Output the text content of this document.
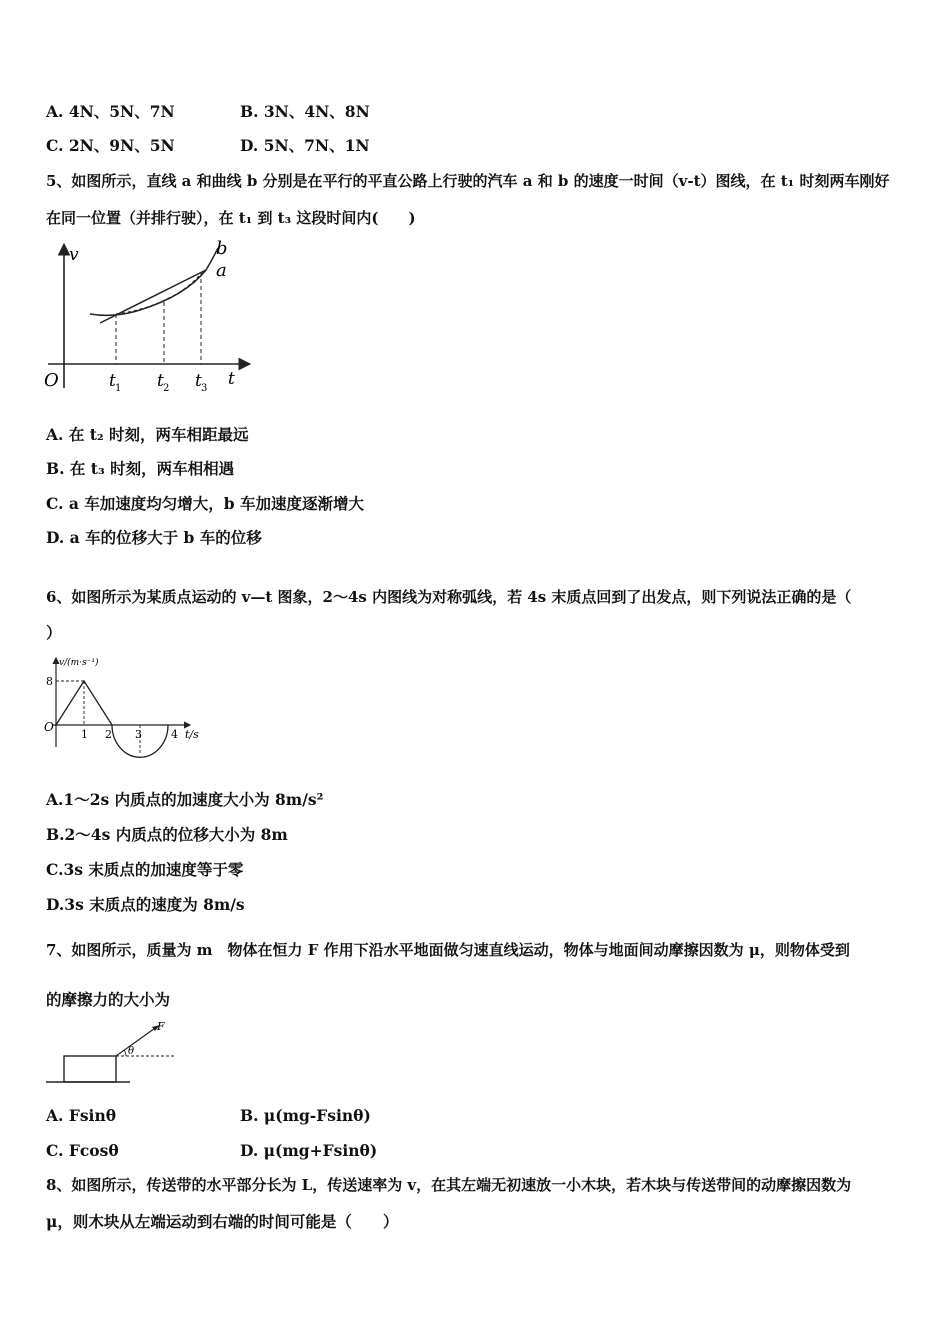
A. 4N、5N、7N	B. 3N、4N、8N
C. 2N、9N、5N	D. 5N、7N、1N
5、如图所示，直线 a 和曲线 b 分别是在平行的平直公路上行驶的汽车 a 和 b 的速度一时间（v-t）图线，在 t₁ 时刻两车刚好
在同一位置（并排行驶），在 t₁ 到 t₃ 这段时间内(　　)
v
t
O
b
a
t 1 t 2 t 3
A. 在 t₂ 时刻，两车相距最远
B. 在 t₃ 时刻，两车相相遇
C. a 车加速度均匀增大，b 车加速度逐渐增大
D. a 车的位移大于 b 车的位移
6、如图所示为某质点运动的 v—t 图象，2～4s 内图线为对称弧线，若 4s 末质点回到了出发点，则下列说法正确的是（
）
v/(m·s⁻¹)
t/s
O
8
1 2 3	4
A.1～2s 内质点的加速度大小为 8m/s²
B.2～4s 内质点的位移大小为 8m
C.3s 末质点的加速度等于零
D.3s 末质点的速度为 8m/s
7、如图所示，质量为 m　物体在恒力 F 作用下沿水平地面做匀速直线运动，物体与地面间动摩擦因数为 μ，则物体受到
的摩擦力的大小为
F
θ
A. Fsinθ	B. μ(mg-Fsinθ)
C. Fcosθ	D. μ(mg+Fsinθ)
8、如图所示，传送带的水平部分长为 L，传送速率为 v，在其左端无初速放一小木块，若木块与传送带间的动摩擦因数为
μ，则木块从左端运动到右端的时间可能是（　　）
